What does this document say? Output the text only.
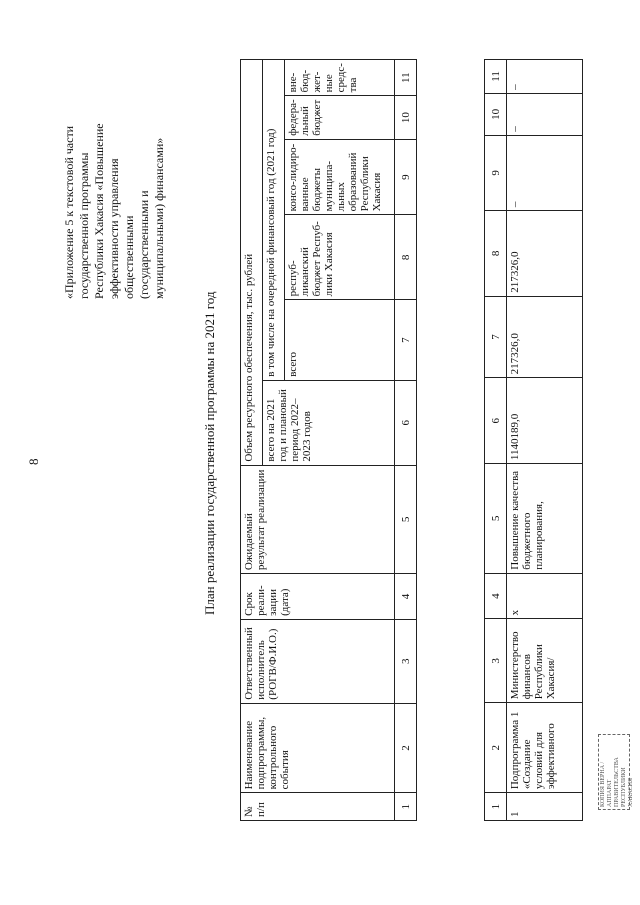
8
«Приложение 5 к текстовой части государственной программы Республики Хакасия «Повышение эффективности управления общественными (государственными и муниципальными) финансами»
План реализации государственной программы на 2021 год
№ п/п	Наименование подпрограммы, контрольного события	Ответственный исполнитель (РОГВ/Ф.И.О.)	Срок реали-зации (дата)	Ожидаемый результат реализации	Объем ресурсного обеспечения, тыс. рублей					
					всего на 2021 год и плановый период 2022–2023 годов	в том числе на очередной финансовый год (2021 год)				
						всего	респуб-ликанский бюджет Респуб-лики Хакасия	консо-лидиро-ванные бюджеты муниципа-льных образований Республики Хакасия	федера-льный бюджет	вне-бюд-жет-ные средс-тва
1	2	3	4	5	6	7	8	9	10	11
1	2	3	4	5	6	7	8	9	10	11
1	Подпрограмма 1 «Создание условий для эффективного	Министерство финансов Республики Хакасия/	х	Повышение качества бюджетного планирования,	1140189,0	217326,0	217326,0	–	–	–
КОПИЯ ВЕРНА / АППАРАТ ПРАВИТЕЛЬСТВА РЕСПУБЛИКИ ХАКАСИЯ
